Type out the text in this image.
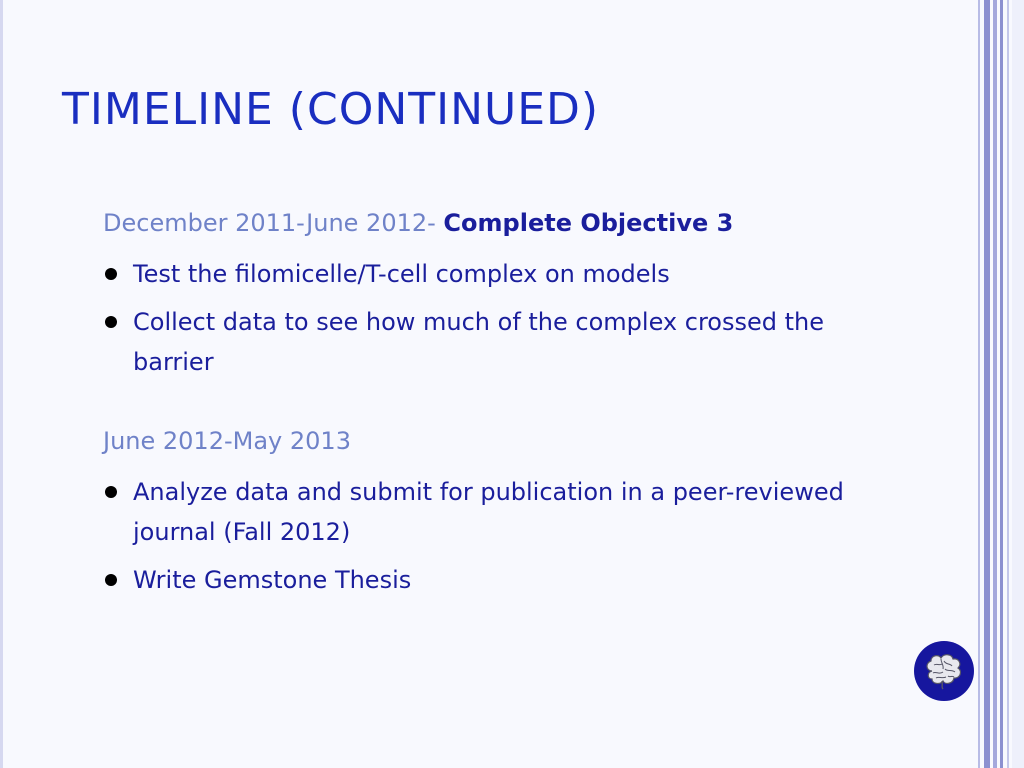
TIMELINE (CONTINUED)
December 2011-June 2012- Complete Objective 3
Test the filomicelle/T-cell complex on models
Collect data to see how much of the complex crossed the barrier
June 2012-May 2013
Analyze data and submit for publication in a peer-reviewed journal (Fall 2012)
Write Gemstone Thesis
